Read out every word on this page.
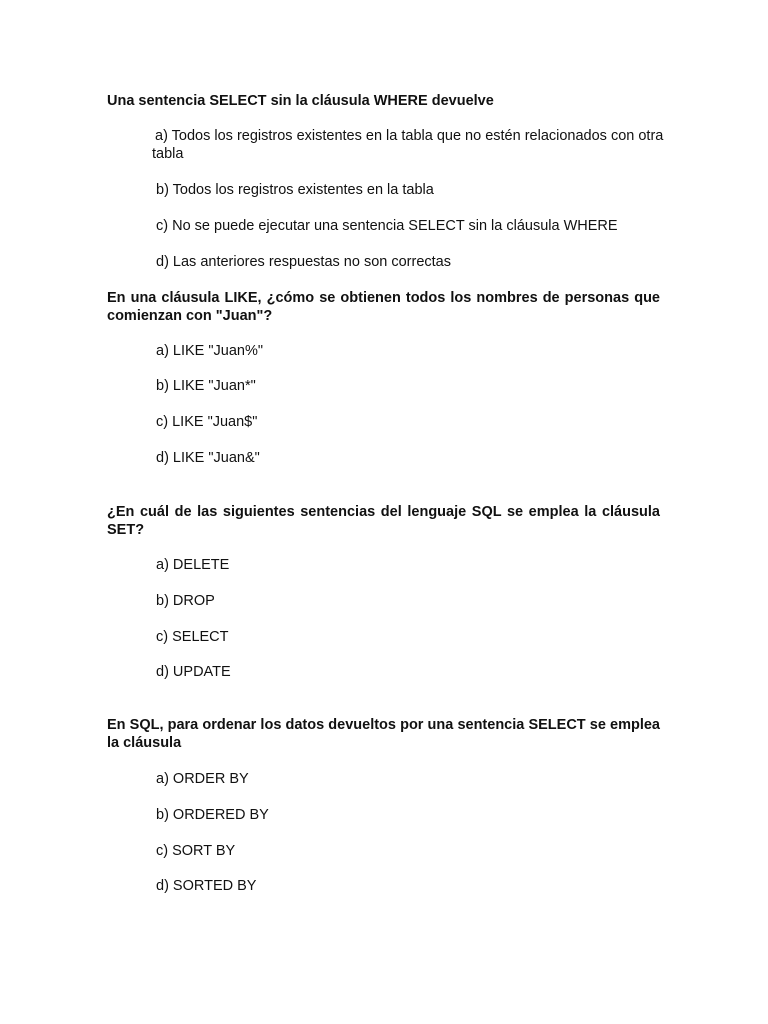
Una sentencia SELECT sin la cláusula WHERE devuelve

a) Todos los registros existentes en la tabla que no estén relacionados con otra tabla

b) Todos los registros existentes en la tabla

c) No se puede ejecutar una sentencia SELECT sin la cláusula WHERE

d) Las anteriores respuestas no son correctas

En una cláusula LIKE, ¿cómo se obtienen todos los nombres de personas que comienzan con "Juan"?

a) LIKE "Juan%"

b) LIKE "Juan*"

c) LIKE "Juan$"

d) LIKE "Juan&"

¿En cuál de las siguientes sentencias del lenguaje SQL se emplea la cláusula SET?

a) DELETE

b) DROP

c) SELECT

d) UPDATE

En SQL, para ordenar los datos devueltos por una sentencia SELECT se emplea la cláusula

a) ORDER BY

b) ORDERED BY

c) SORT BY

d) SORTED BY
